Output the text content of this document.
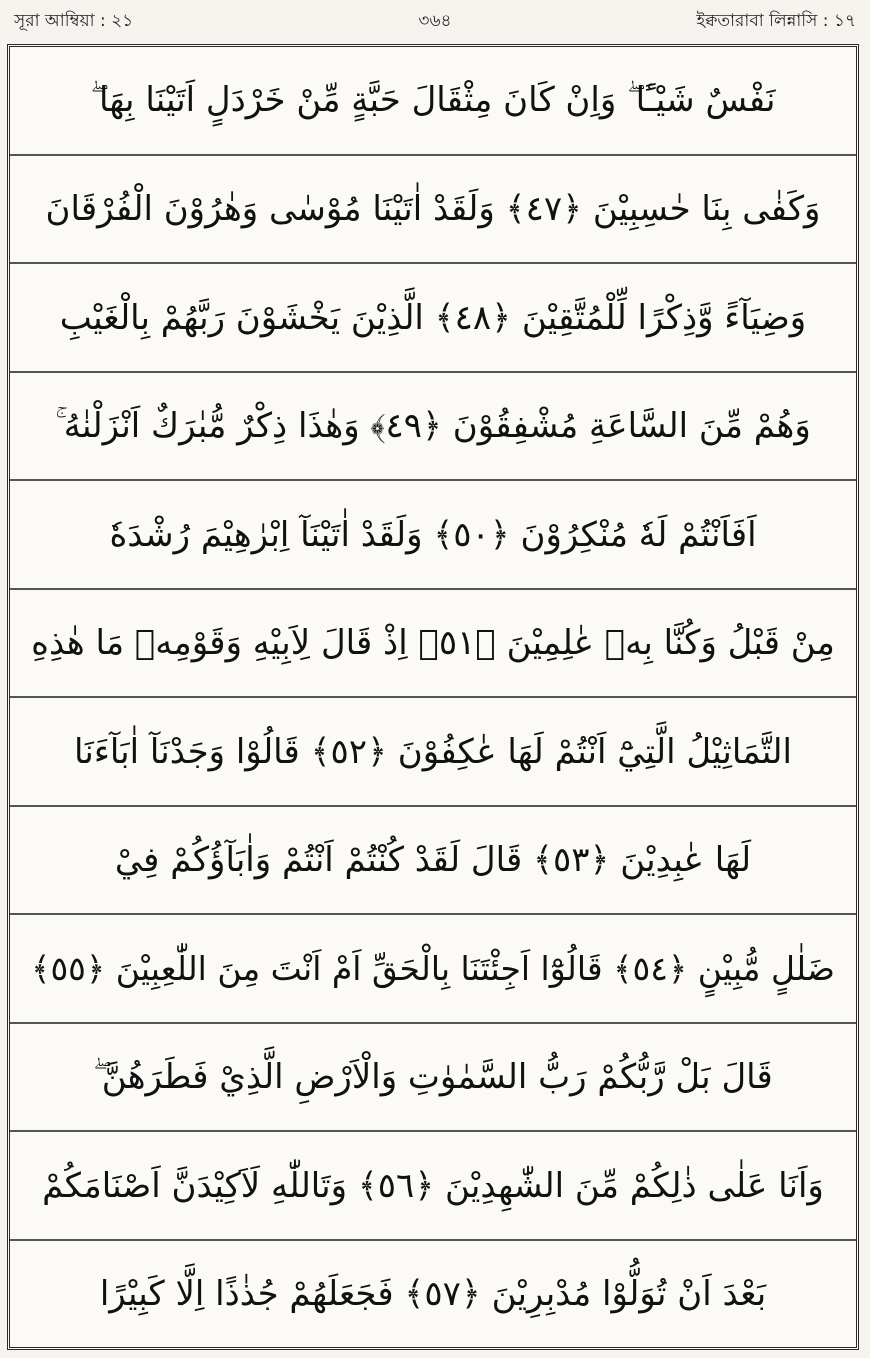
সূরা আম্বিয়া : ২১	৩৬৪	ইক্বতারাবা লিন্নাসি : ১৭
نَفْسٌ شَيْـًٔا ۖ وَاِنْ كَانَ مِثْقَالَ حَبَّةٍ مِّنْ خَرْدَلٍ اَتَيْنَا بِهَا ۖ
وَكَفٰى بِنَا حٰسِبِيْنَ ﴿٤٧﴾ وَلَقَدْ اٰتَيْنَا مُوْسٰى وَهٰرُوْنَ الْفُرْقَانَ
وَضِيَآءً وَّذِكْرًا لِّلْمُتَّقِيْنَ ﴿٤٨﴾ الَّذِيْنَ يَخْشَوْنَ رَبَّهُمْ بِالْغَيْبِ
وَهُمْ مِّنَ السَّاعَةِ مُشْفِقُوْنَ ﴿٤٩﴾ وَهٰذَا ذِكْرٌ مُّبٰرَكٌ اَنْزَلْنٰهُ ۚ
اَفَاَنْتُمْ لَهٗ مُنْكِرُوْنَ ﴿٥٠﴾ وَلَقَدْ اٰتَيْنَآ اِبْرٰهِيْمَ رُشْدَهٗ
مِنْ قَبْلُ وَكُنَّا بِهٖ عٰلِمِيْنَ ﴿٥١﴾ اِذْ قَالَ لِاَبِيْهِ وَقَوْمِهٖ مَا هٰذِهِ
التَّمَاثِيْلُ الَّتِيْٓ اَنْتُمْ لَهَا عٰكِفُوْنَ ﴿٥٢﴾ قَالُوْا وَجَدْنَآ اٰبَآءَنَا
لَهَا عٰبِدِيْنَ ﴿٥٣﴾ قَالَ لَقَدْ كُنْتُمْ اَنْتُمْ وَاٰبَآؤُكُمْ فِيْ
ضَلٰلٍ مُّبِيْنٍ ﴿٥٤﴾ قَالُوْٓا اَجِئْتَنَا بِالْحَقِّ اَمْ اَنْتَ مِنَ اللّٰعِبِيْنَ ﴿٥٥﴾
قَالَ بَلْ رَّبُّكُمْ رَبُّ السَّمٰوٰتِ وَالْاَرْضِ الَّذِيْ فَطَرَهُنَّ ۖ
وَاَنَا عَلٰى ذٰلِكُمْ مِّنَ الشّٰهِدِيْنَ ﴿٥٦﴾ وَتَاللّٰهِ لَاَكِيْدَنَّ اَصْنَامَكُمْ
بَعْدَ اَنْ تُوَلُّوْا مُدْبِرِيْنَ ﴿٥٧﴾ فَجَعَلَهُمْ جُذٰذًا اِلَّا كَبِيْرًا
